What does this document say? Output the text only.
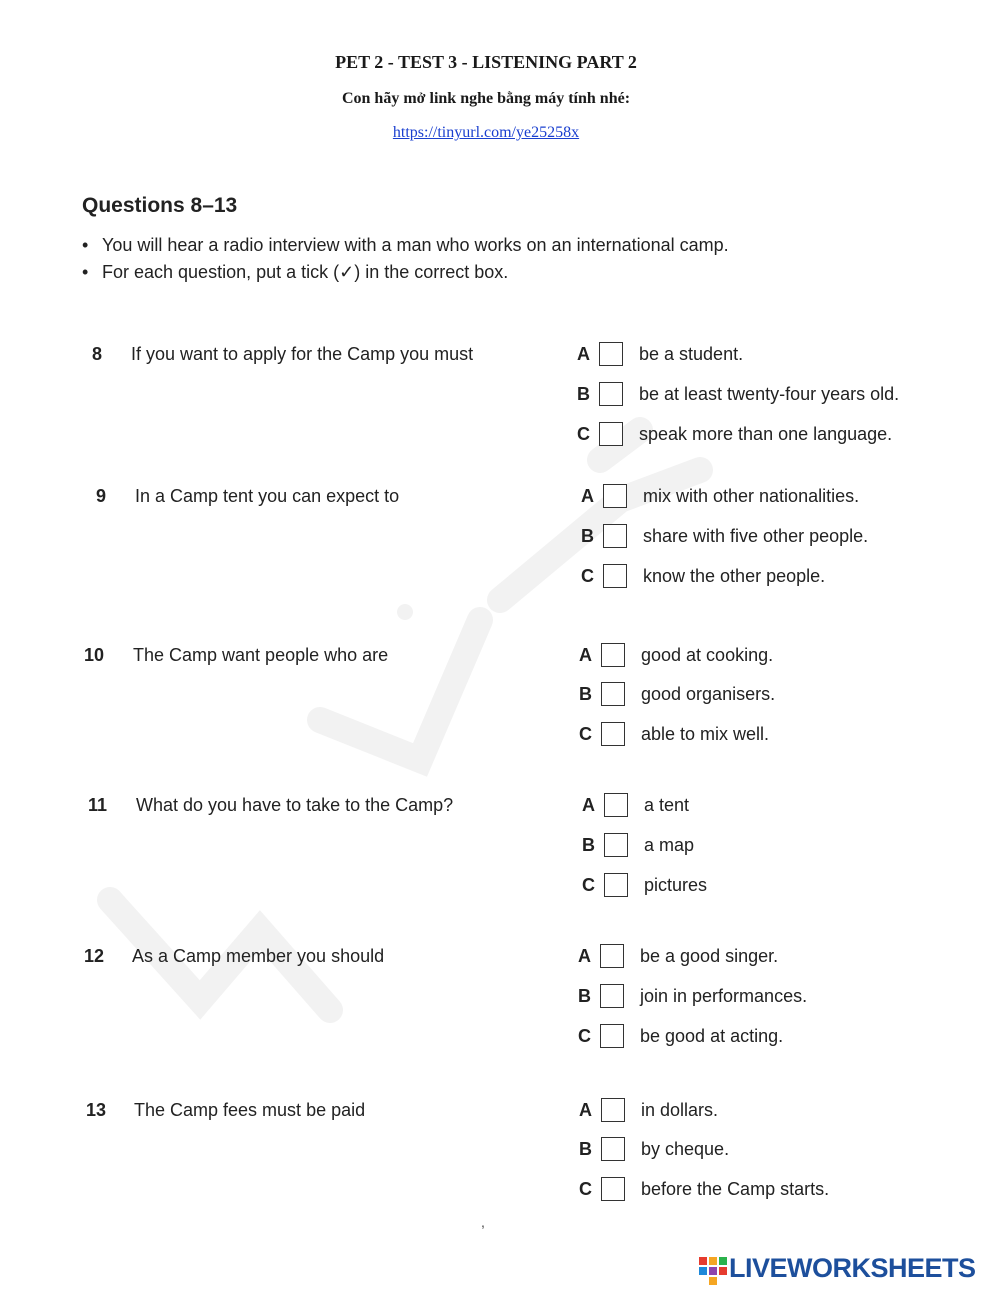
PET 2 - TEST 3 - LISTENING PART 2
Con hãy mở link nghe bằng máy tính nhé:
https://tinyurl.com/ye25258x
Questions 8–13
• You will hear a radio interview with a man who works on an international camp.
• For each question, put a tick (✓) in the correct box.
8 If you want to apply for the Camp you must	A	be a student.
B	be at least twenty-four years old.
C	speak more than one language.
9 In a Camp tent you can expect to	A	mix with other nationalities.
B	share with five other people.
C	know the other people.
10 The Camp want people who are	A	good at cooking.
B	good organisers.
C	able to mix well.
11 What do you have to take to the Camp?	A	a tent
B	a map
C	pictures
12 As a Camp member you should	A	be a good singer.
B	join in performances.
C	be good at acting.
13 The Camp fees must be paid	A	in dollars.
B	by cheque.
C	before the Camp starts.
,
LIVEWORKSHEETS
